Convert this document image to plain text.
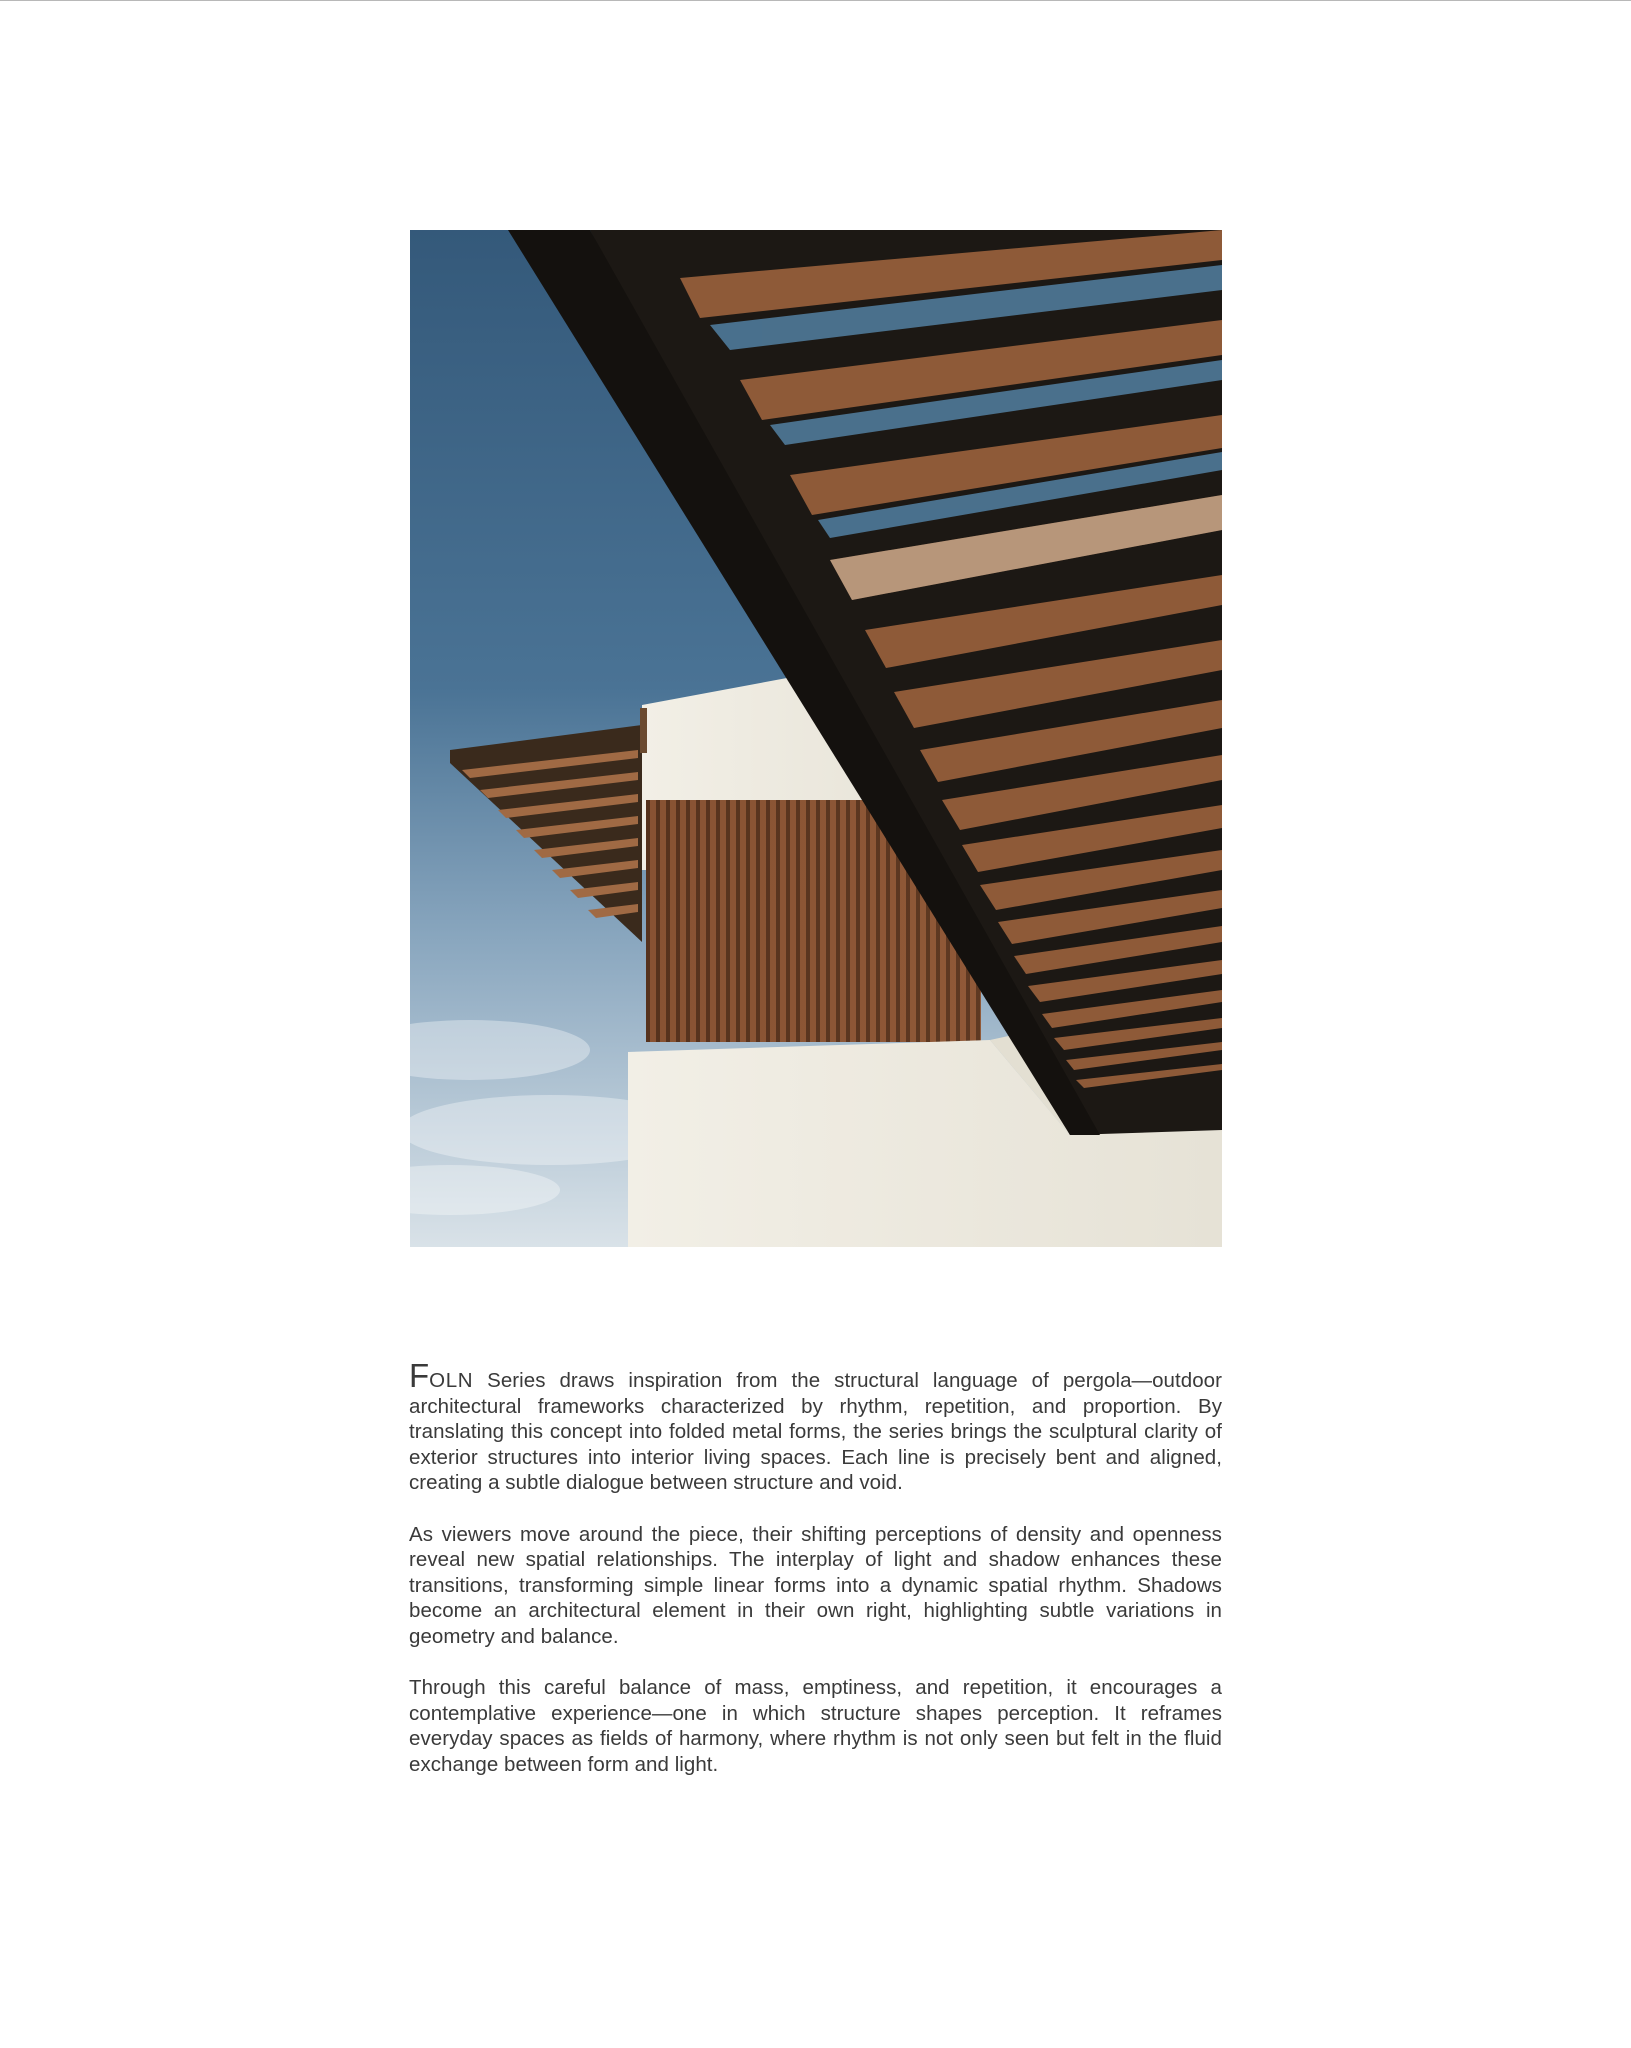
FOLN Series draws inspiration from the structural language of pergola—outdoor architectural frameworks characterized by rhythm, repetition, and proportion. By translating this concept into folded metal forms, the series brings the sculptural clarity of exterior structures into interior living spaces. Each line is precisely bent and aligned, creating a subtle dialogue between structure and void.

As viewers move around the piece, their shifting perceptions of density and openness reveal new spatial relationships. The interplay of light and shadow enhances these transitions, transforming simple linear forms into a dynamic spatial rhythm. Shadows become an architectural element in their own right, highlighting subtle variations in geometry and balance.

Through this careful balance of mass, emptiness, and repetition, it encourages a contemplative experience—one in which structure shapes perception. It reframes everyday spaces as fields of harmony, where rhythm is not only seen but felt in the fluid exchange between form and light.
